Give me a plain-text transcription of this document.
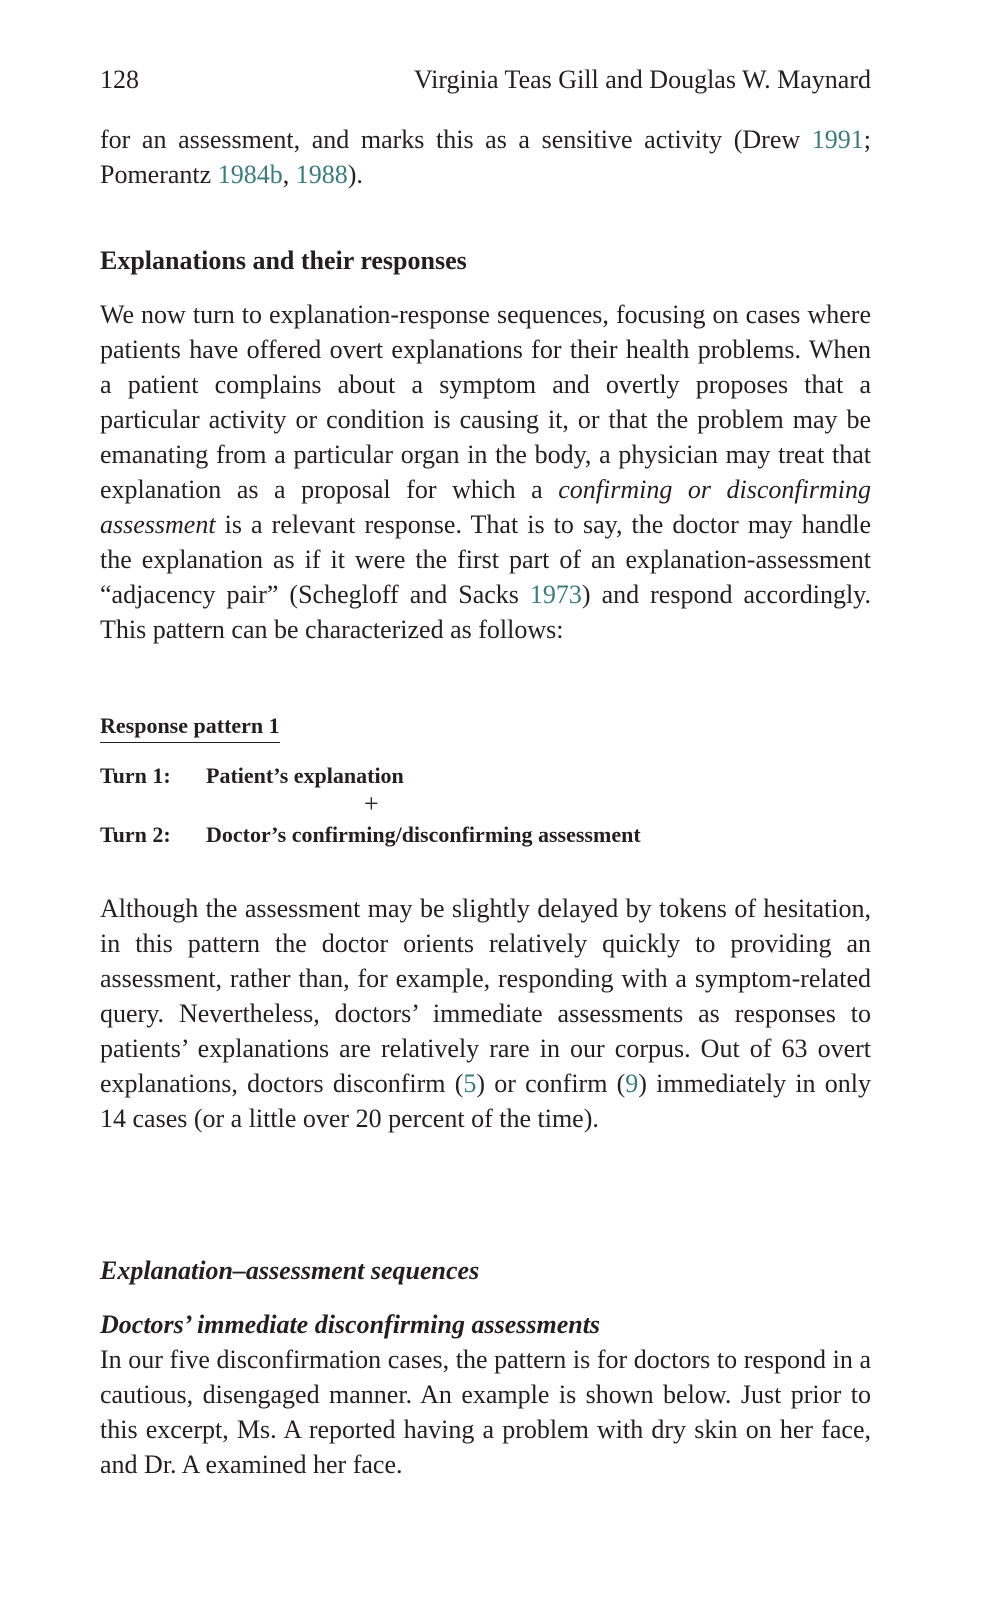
128	Virginia Teas Gill and Douglas W. Maynard

for an assessment, and marks this as a sensitive activity (Drew 1991; Pomerantz 1984b, 1988).

Explanations and their responses

We now turn to explanation-response sequences, focusing on cases where patients have offered overt explanations for their health problems. When a patient complains about a symptom and overtly proposes that a particular activity or condition is causing it, or that the problem may be emanating from a particular organ in the body, a physician may treat that explanation as a proposal for which a confirming or disconfirming assessment is a relevant response. That is to say, the doctor may handle the explanation as if it were the first part of an explanation-assessment “adjacency pair” (Schegloff and Sacks 1973) and respond accordingly. This pattern can be characterized as follows:

Response pattern 1
Turn 1: Patient’s explanation
+
Turn 2: Doctor’s confirming/disconfirming assessment

Although the assessment may be slightly delayed by tokens of hesitation, in this pattern the doctor orients relatively quickly to providing an assessment, rather than, for example, responding with a symptom-related query. Nevertheless, doctors’ immediate assessments as responses to patients’ explanations are relatively rare in our corpus. Out of 63 overt explanations, doctors disconfirm (5) or confirm (9) immediately in only 14 cases (or a little over 20 percent of the time).

Explanation–assessment sequences
Doctors’ immediate disconfirming assessments

In our five disconfirmation cases, the pattern is for doctors to respond in a cautious, disengaged manner. An example is shown below. Just prior to this excerpt, Ms. A reported having a problem with dry skin on her face, and Dr. A examined her face.
